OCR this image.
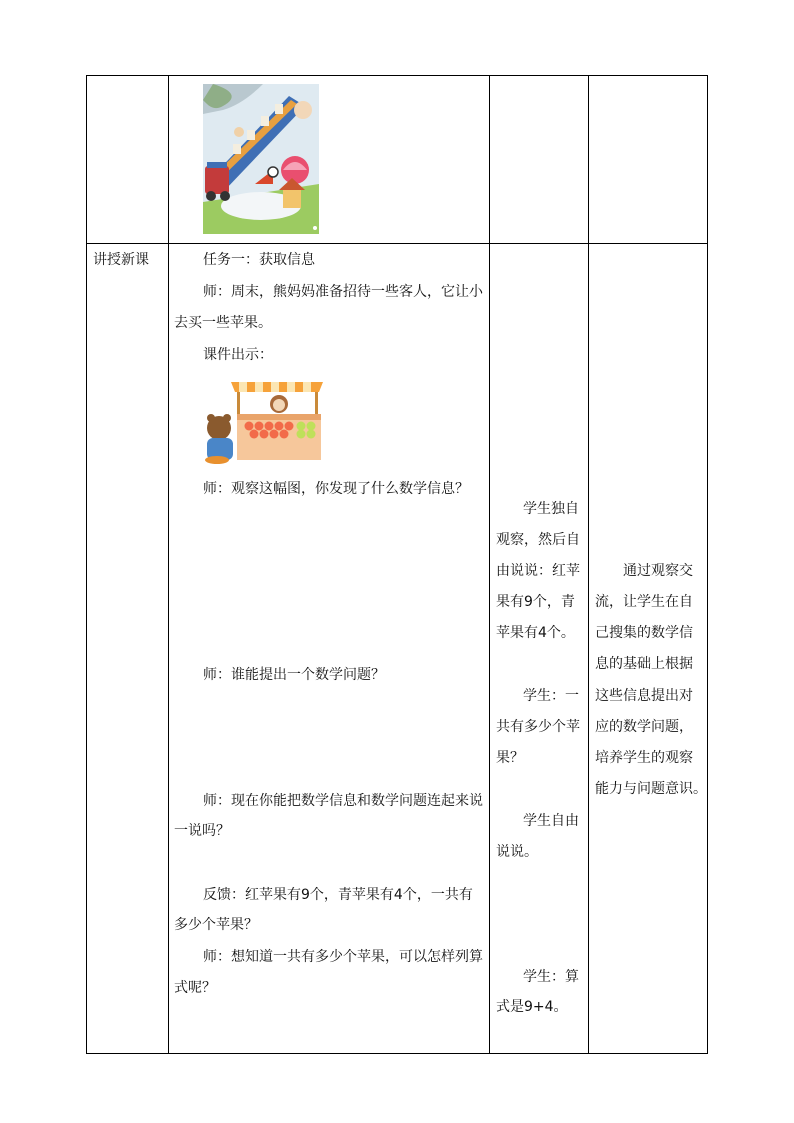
讲授新课	任务一：获取信息
师：周末，熊妈妈准备招待一些客人，它让小
去买一些苹果。
课件出示：
师：观察这幅图，你发现了什么数学信息？
师：谁能提出一个数学问题？
师：现在你能把数学信息和数学问题连起来说
一说吗？
反馈：红苹果有9个，青苹果有4个，一共有
多少个苹果？
师：想知道一共有多少个苹果，可以怎样列算
式呢？
学生独自
观察，然后自
由说说：红苹
果有9个，青
苹果有4个。
学生：一
共有多少个苹
果？
学生自由
说说。
学生：算
式是9+4。
通过观察交
流，让学生在自
己搜集的数学信
息的基础上根据
这些信息提出对
应的数学问题，
培养学生的观察
能力与问题意识。
